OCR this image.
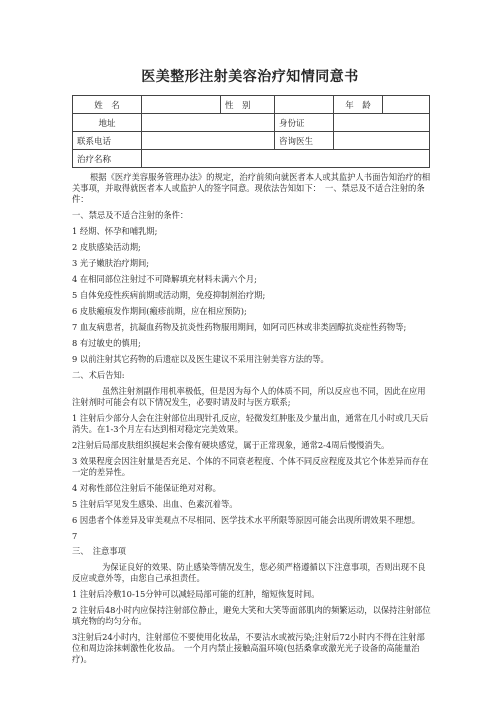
医美整形注射美容治疗知情同意书
姓　名		性　别		年　龄	
地址			身份证		
联系电话			咨询医生		
治疗名称					

根据《医疗美容服务管理办法》的规定，治疗前须向就医者本人或其监护人书面告知治疗的相关事项，并取得就医者本人或监护人的签字同意。现依法告知如下：　一、禁忌及不适合注射的条件：

一、禁忌及不适合注射的条件：

1 经期、怀孕和哺乳期;

2 皮肤感染活动期;

3 光子嫩肤治疗期间;

4 在相同部位注射过不可降解填充材料未满六个月;

5 自体免疫性疾病前期或活动期，免疫抑制剂治疗期;

6 皮肤瘢痕发作期间(瘢疹前期，应在相应预防);

7 血友病患者，抗凝血药物及抗炎性药物服用期间，如阿司匹林或非类固醇抗炎症性药物等;

8 有过敏史的慎用;

9 以前注射其它药物的后遗症以及医生建议不采用注射美容方法的等。

二、术后告知:

虽然注射剂副作用机率极低，但是因为每个人的体质不同，所以反应也不同，因此在应用注射剂时可能会有以下情况发生，必要时请及时与医方联系;

1 注射后少部分人会在注射部位出现针孔反应，轻微发红肿胀及少量出血，通常在几小时或几天后消失。在1-3个月左右达到相对稳定完美效果。

2注射后局部皮肤组织摸起来会像有硬块感觉，属于正常现象，通常2-4周后慢慢消失。

3 效果程度会因注射量是否充足、个体的不同衰老程度、个体不同反应程度及其它个体差异而存在一定的差异性。

4 对称性部位注射后不能保证绝对对称。

5 注射后罕见发生感染、出血、色素沉着等。

6 因患者个体差异及审美观点不尽相同、医学技术水平所限等原因可能会出现所谓效果不理想。

7

三、　注意事项

为保证良好的效果、防止感染等情况发生，您必须严格遵循以下注意事项，否则出现不良反应或意外等，由您自己承担责任。

1 注射后冷敷10-15分钟可以减轻局部可能的红肿，缩短恢复时间。

2 注射后48小时内应保持注射部位静止，避免大笑和大笑等面部肌肉的频繁运动，以保持注射部位填充物的均匀分布。

3注射后24小时内，注射部位不要使用化妆品，不要沾水或被污染;注射后72小时内不得在注射部位和周边涂抹刺激性化妆品。　一个月内禁止接触高温环境(包括桑拿或激光光子设备的高能量治疗)。
